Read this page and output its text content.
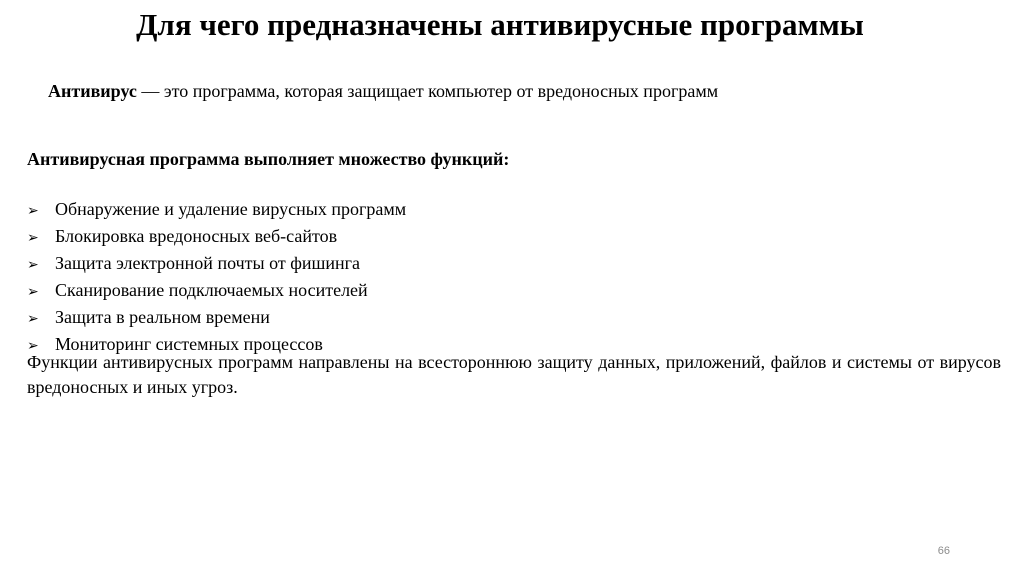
Для чего предназначены антивирусные программы
Антивирус — это программа, которая защищает компьютер от вредоносных программ
Антивирусная программа выполняет множество функций:
➢ Обнаружение и удаление вирусных программ
➢ Блокировка вредоносных веб-сайтов
➢ Защита электронной почты от фишинга
➢ Сканирование подключаемых носителей
➢ Защита в реальном времени
➢ Мониторинг системных процессов
Функции антивирусных программ направлены на всестороннюю защиту данных, приложений, файлов и системы от вирусов вредоносных и иных угроз.
66
